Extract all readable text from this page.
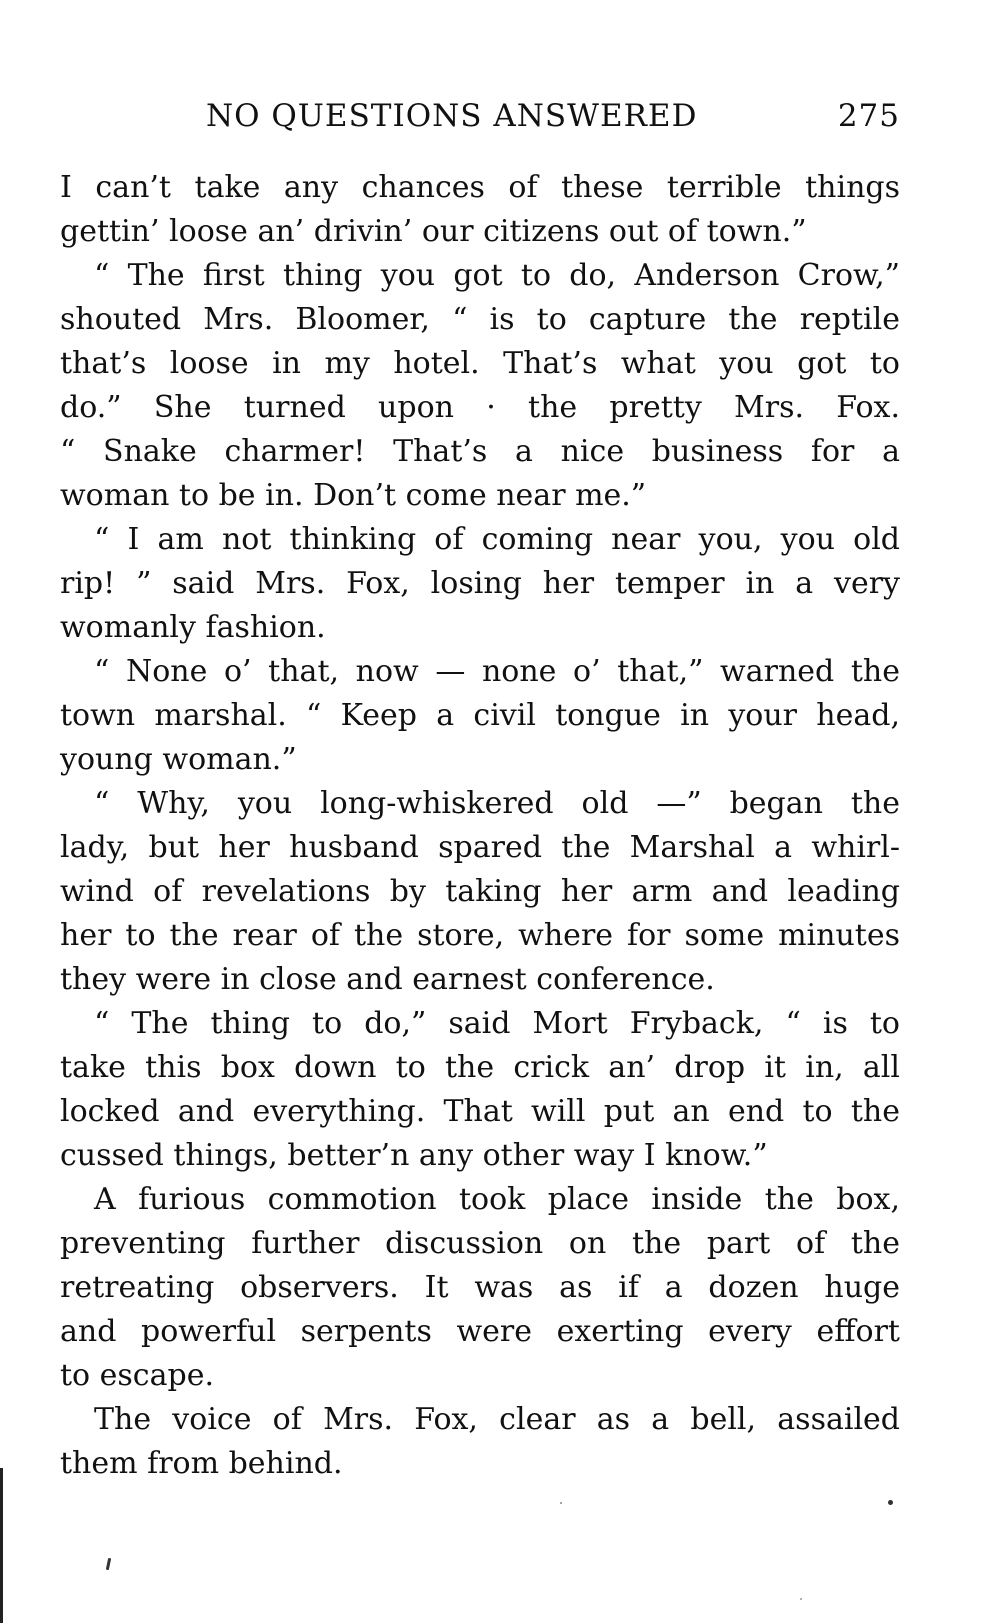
NO QUESTIONS ANSWERED	275
I can’t take any chances of these terrible things
gettin’ loose an’ drivin’ our citizens out of town.”
“ The first thing you got to do, Anderson Crow,”
shouted Mrs. Bloomer, “ is to capture the reptile
that’s loose in my hotel. That’s what you got to
do.” She turned upon · the pretty Mrs. Fox.
“ Snake charmer! That’s a nice business for a
woman to be in. Don’t come near me.”
“ I am not thinking of coming near you, you old
rip! ” said Mrs. Fox, losing her temper in a very
womanly fashion.
“ None o’ that, now — none o’ that,” warned the
town marshal. “ Keep a civil tongue in your head,
young woman.”
“ Why, you long-whiskered old —” began the
lady, but her husband spared the Marshal a whirl-
wind of revelations by taking her arm and leading
her to the rear of the store, where for some minutes
they were in close and earnest conference.
“ The thing to do,” said Mort Fryback, “ is to
take this box down to the crick an’ drop it in, all
locked and everything. That will put an end to the
cussed things, better’n any other way I know.”
A furious commotion took place inside the box,
preventing further discussion on the part of the
retreating observers. It was as if a dozen huge
and powerful serpents were exerting every effort
to escape.
The voice of Mrs. Fox, clear as a bell, assailed
them from behind.
